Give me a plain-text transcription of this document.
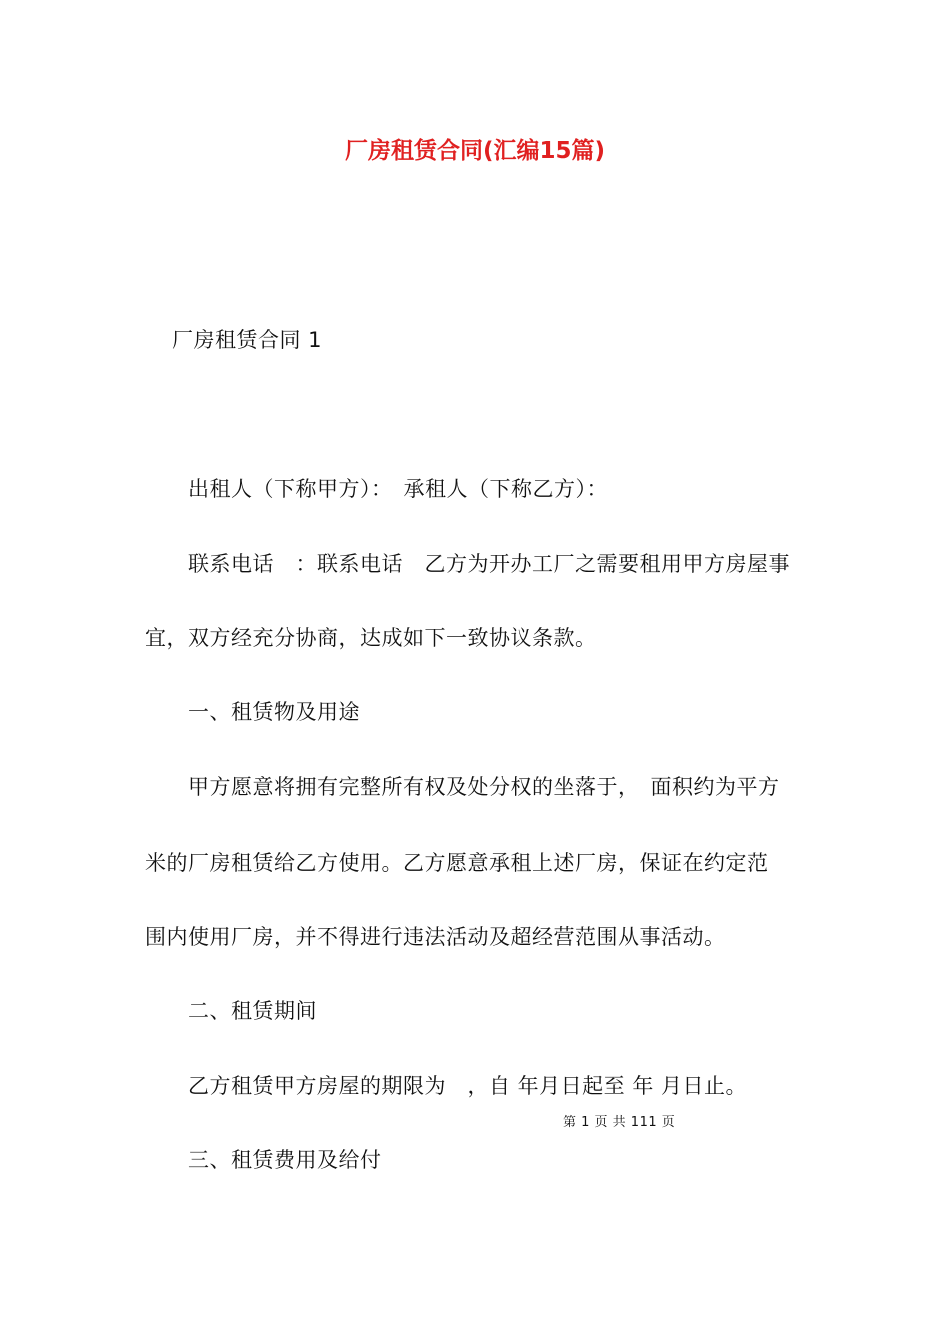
厂房租赁合同(汇编15篇)
厂房租赁合同 1
出租人（下称甲方）：　承租人（下称乙方）：
联系电话　：联系电话　乙方为开办工厂之需要租用甲方房屋事
宜，双方经充分协商，达成如下一致协议条款。
一、租赁物及用途
甲方愿意将拥有完整所有权及处分权的坐落于，　面积约为平方
米的厂房租赁给乙方使用。乙方愿意承租上述厂房，保证在约定范
围内使用厂房，并不得进行违法活动及超经营范围从事活动。
二、租赁期间
乙方租赁甲方房屋的期限为　，自 年月日起至 年 月日止。
第 1 页 共 111 页
三、租赁费用及给付
